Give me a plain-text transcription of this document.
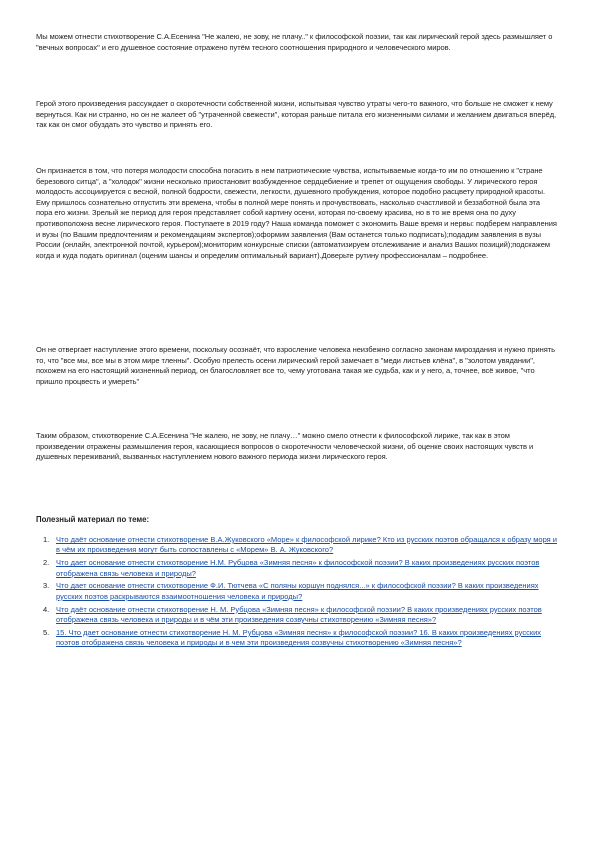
Мы можем отнести стихотворение С.А.Есенина "Не жалею, не зову, не плачу.." к философской поэзии, так как лирический герой здесь размышляет о "вечных вопросах" и его душевное состояние отражено путём тесного соотношения природного и человеческого миров.

Герой этого произведения рассуждает о скоротечности собственной жизни, испытывая чувство утраты чего-то важного, что больше не сможет к нему вернуться. Как ни странно, но он не жалеет об "утраченной свежести", которая раньше питала его жизненными силами и желанием двигаться вперёд, так как он смог обуздать это чувство и принять его.

Он признается в том, что потеря молодости способна погасить в нем патриотические чувства, испытываемые когда-то им по отношению к "стране березового ситца", а "холодок" жизни несколько приостановит возбужденное сердцебиение и трепет от ощущения свободы. У лирического героя молодость ассоциируется с весной, полной бодрости, свежести, легкости, душевного пробуждения, которое подобно расцвету природной красоты. Ему пришлось сознательно отпустить эти времена, чтобы в полной мере понять и прочувствовать, насколько счастливой и беззаботной была эта пора его жизни. Зрелый же период для героя представляет собой картину осени, которая по-своему красива, но в то же время она по духу противоположна весне лирического героя. Поступаете в 2019 году? Наша команда поможет с экономить Ваше время и нервы: подберем направления и вузы (по Вашим предпочтениям и рекомендациям экспертов);оформим заявления (Вам останется только подписать);подадим заявления в вузы России (онлайн, электронной почтой, курьером);мониторим конкурсные списки (автоматизируем отслеживание и анализ Ваших позиций);подскажем когда и куда подать оригинал (оценим шансы и определим оптимальный вариант).Доверьте рутину профессионалам – подробнее.

Он не отвергает наступление этого времени, поскольку осознаёт, что взросление человека неизбежно согласно законам мироздания и нужно принять то, что "все мы, все мы в этом мире тленны". Особую прелесть осени лирический герой замечает в "меди листьев клёна", в "золотом увядании", похожем на его настоящий жизненный период, он благословляет все то, чему уготована такая же судьба, как и у него, а, точнее, всё живое, "что пришло процвесть и умереть"

Таким образом, стихотворение С.А.Есенина "Не жалею, не зову, не плачу…" можно смело отнести к философской лирике, так как в этом произведении отражены размышления героя, касающиеся вопросов о скоротечности человеческой жизни, об оценке своих настоящих чувств и душевных переживаний, вызванных наступлением нового важного периода жизни лирического героя.

Полезный материал по теме:
1. Что даёт основание отнести стихотворение В.А.Жуковского «Море» к философской лирике? Кто из русских поэтов обращался к образу моря и в чём их произведения могут быть сопоставлены с «Морем» В. А. Жуковского?
2. Что дает основание отнести стихотворение Н.М. Рубцова «Зимняя песня» к философской поэзии? В каких произведениях русских поэтов отображена связь человека и природы?
3. Что дает основание отнести стихотворение Ф.И. Тютчева «С поляны коршун поднялся...» к философской поэзии? В каких произведениях русских поэтов раскрываются взаимоотношения человека и природы?
4. Что даёт основание отнести стихотворение Н. М. Рубцова «Зимняя песня» к философской поэзии? В каких произведениях русских поэтов отображена связь человека и природы и в чём эти произведения созвучны стихотворению «Зимняя песня»?
5. 15. Что дает основание отнести стихотворение Н. М. Рубцова «Зимняя песня» к философской поэзии? 16. В каких произведениях русских поэтов отображена связь человека и природы и в чем эти произведения созвучны стихотворению «Зимняя песня»?
